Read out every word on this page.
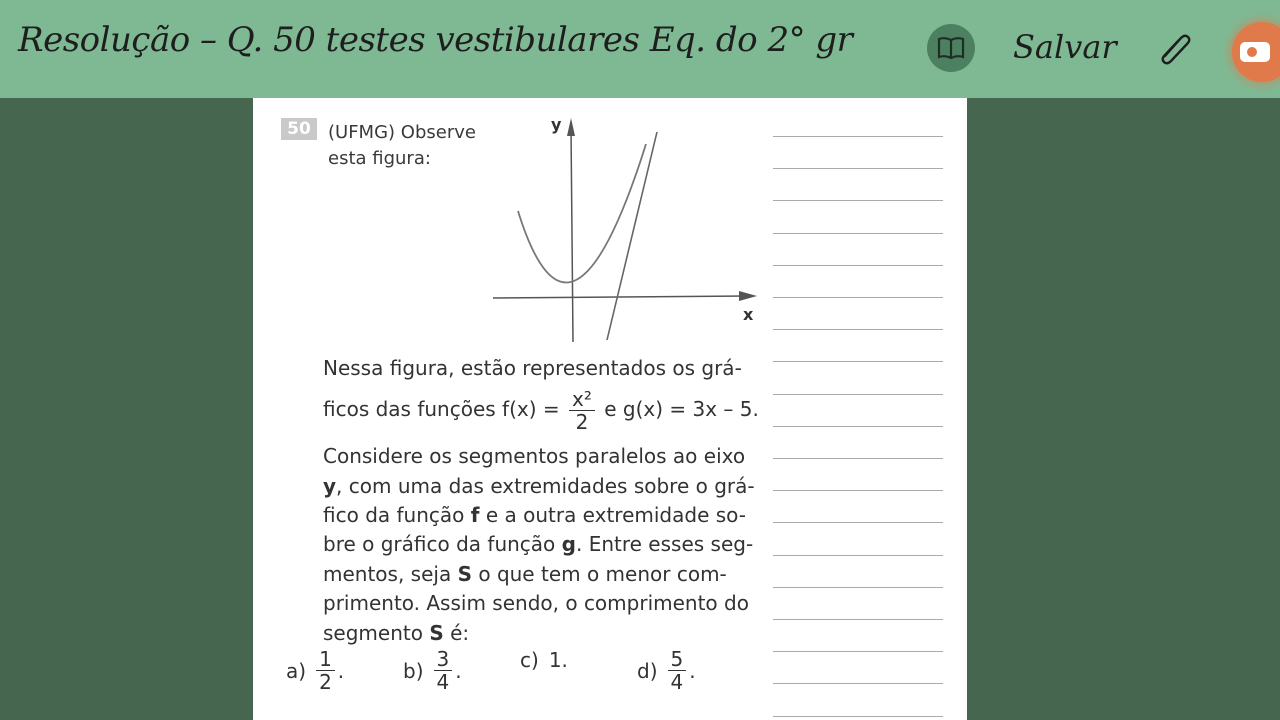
Resolução – Q. 50 testes vestibulares Eq. do 2° gr	Salvar
50 (UFMG) Observe
esta figura:
y
x
Nessa figura, estão representados os grá-
ficos das funções $f(x) = \frac{\text{x²}}{2}$ e g(x) = 3x – 5.
Considere os segmentos paralelos ao eixo
y, com uma das extremidades sobre o grá-
fico da função f e a outra extremidade so-
bre o gráfico da função g. Entre esses seg-
mentos, seja S o que tem o menor com-
primento. Assim sendo, o comprimento do
segmento S é:
$a) \frac{1}{2}$ .	$b) \frac{3}{4}$ .	c) 1.	$d) \frac{5}{4}$ .
